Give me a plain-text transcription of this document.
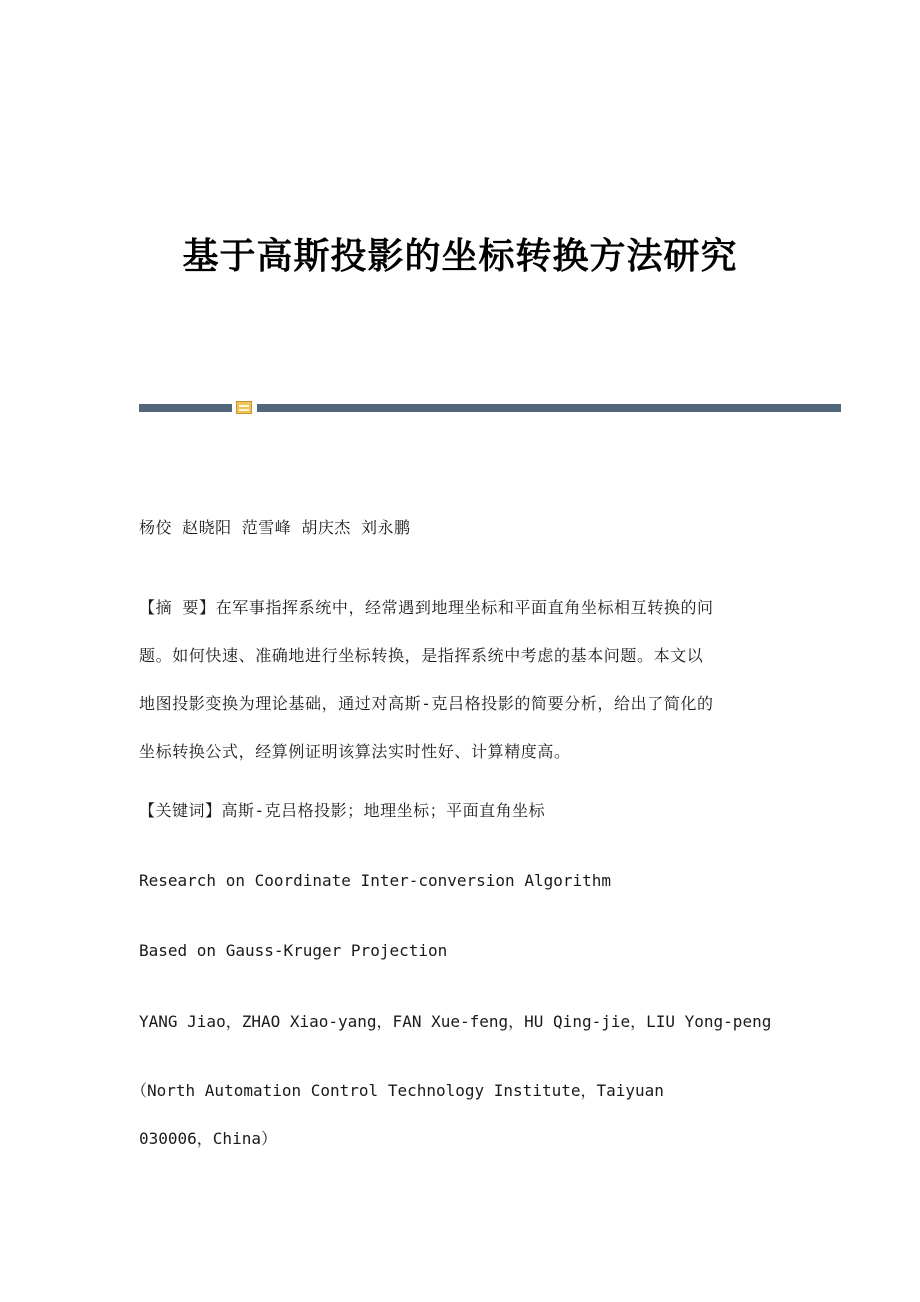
基于高斯投影的坐标转换方法研究

杨佼 赵晓阳 范雪峰 胡庆杰 刘永鹏

【摘 要】在军事指挥系统中，经常遇到地理坐标和平面直角坐标相互转换的问
题。如何快速、准确地进行坐标转换，是指挥系统中考虑的基本问题。本文以
地图投影变换为理论基础，通过对高斯-克吕格投影的简要分析，给出了简化的
坐标转换公式，经算例证明该算法实时性好、计算精度高。

【关键词】高斯-克吕格投影；地理坐标；平面直角坐标

Research on Coordinate Inter-conversion Algorithm

Based on Gauss-Kruger Projection

YANG Jiao，ZHAO Xiao-yang，FAN Xue-feng，HU Qing-jie，LIU Yong-peng

（North Automation Control Technology Institute，Taiyuan

030006，China）
